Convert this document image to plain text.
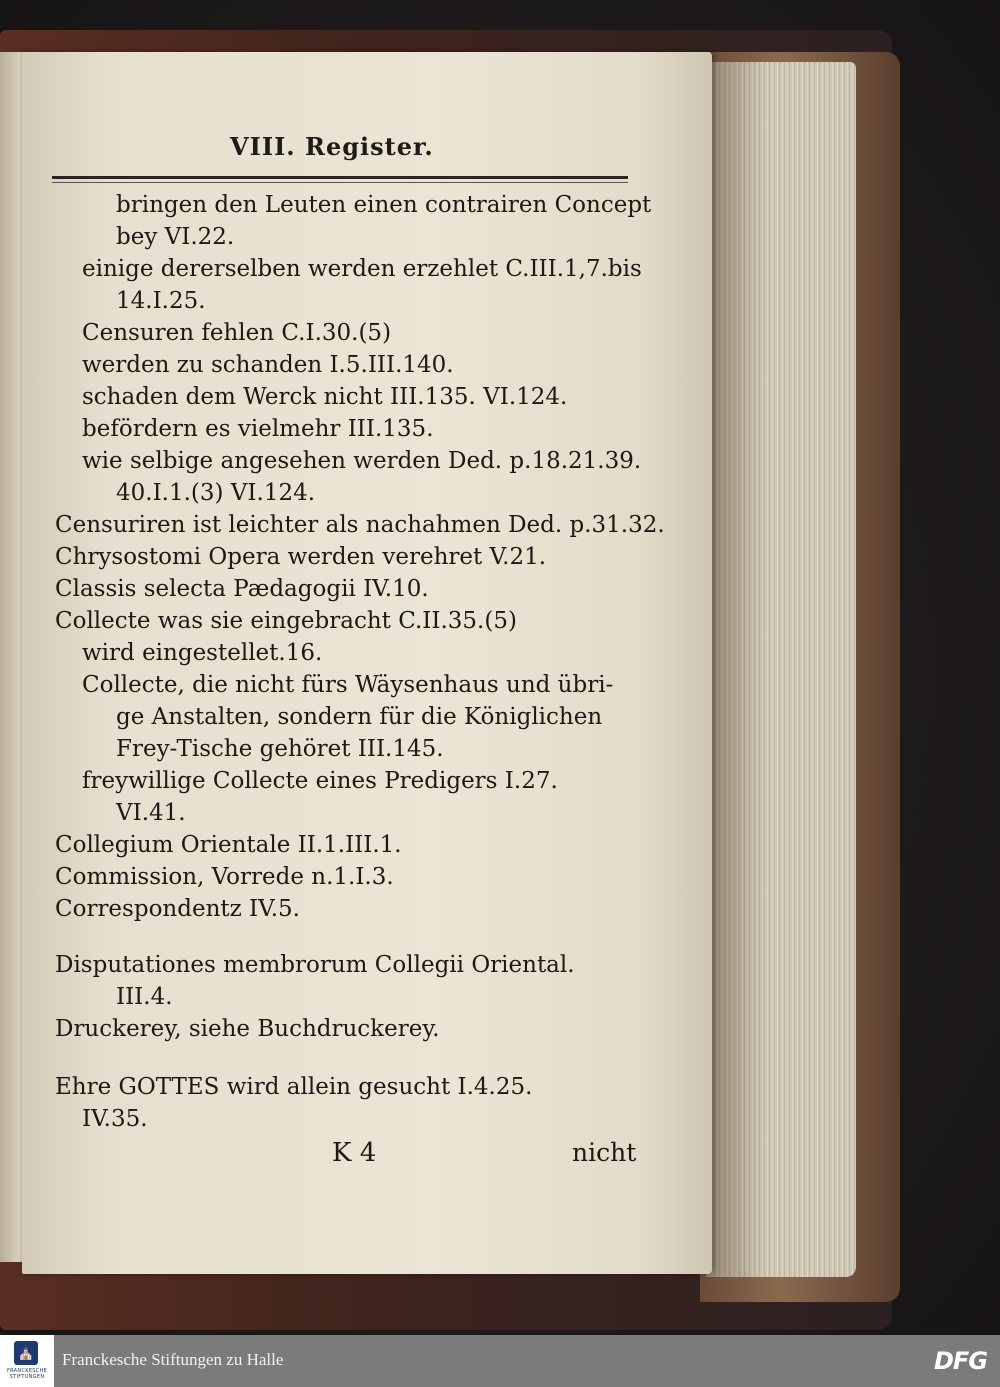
VIII. Register.
bringen den Leuten einen contrairen Concept
bey VI.22.
einige dererselben werden erzehlet C.III.1,7.bis
14.I.25.
Censuren fehlen C.I.30.(5)
werden zu schanden I.5.III.140.
schaden dem Werck nicht III.135. VI.124.
befördern es vielmehr III.135.
wie selbige angesehen werden Ded. p.18.21.39.
40.I.1.(3) VI.124.
Censuriren ist leichter als nachahmen Ded. p.31.32.
Chrysostomi Opera werden verehret V.21.
Classis selecta Pædagogii IV.10.
Collecte was sie eingebracht C.II.35.(5)
wird eingestellet.16.
Collecte, die nicht fürs Wäysenhaus und übri-
ge Anstalten, sondern für die Königlichen
Frey-Tische gehöret III.145.
freywillige Collecte eines Predigers I.27.
VI.41.
Collegium Orientale II.1.III.1.
Commission, Vorrede n.1.I.3.
Correspondentz IV.5.
Disputationes membrorum Collegii Oriental.
III.4.
Druckerey, siehe Buchdruckerey.
Ehre GOTTES wird allein gesucht I.4.25.
IV.35.
K 4	nicht
⛪
FRANCKESCHE STIFTUNGEN
Franckesche Stiftungen zu Halle	DFG
